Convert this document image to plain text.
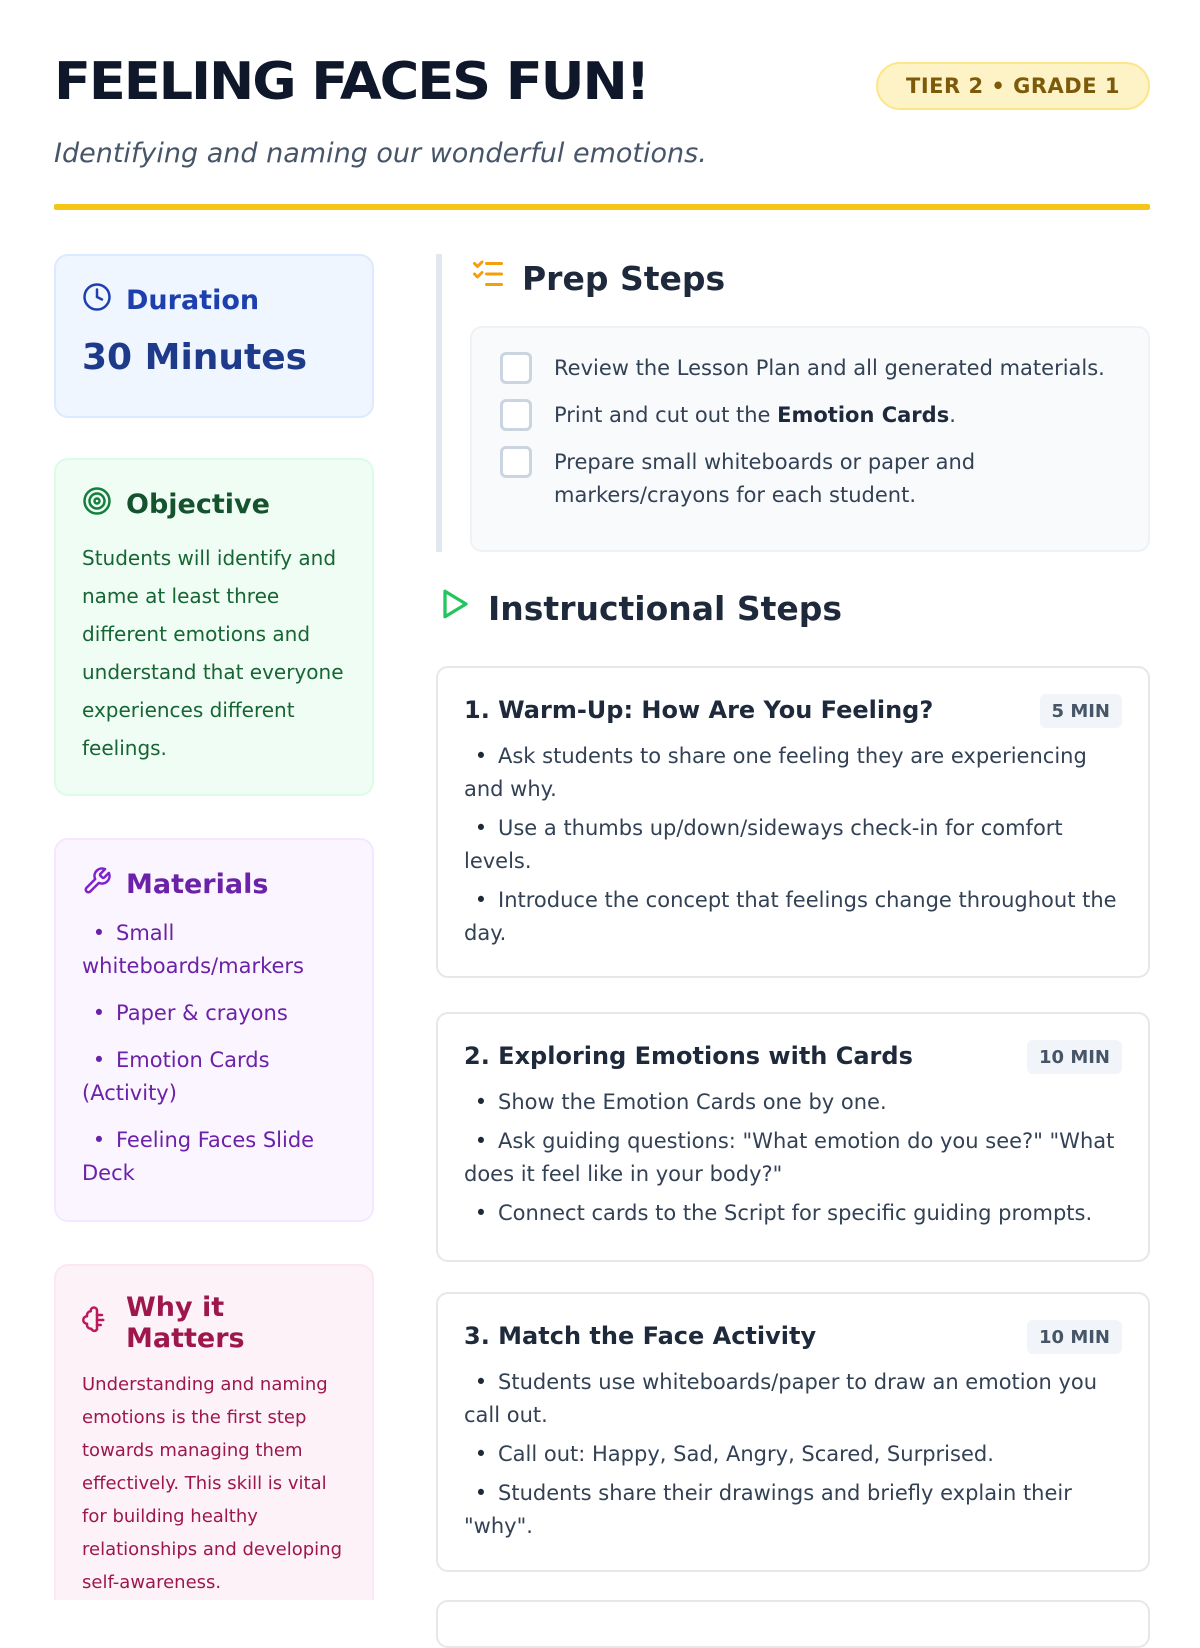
FEELING FACES FUN!	TIER 2 • GRADE 1

Identifying and naming our wonderful emotions.

Duration
30 Minutes
Objective

Students will identify and name at least three different emotions and understand that everyone experiences different feelings.

Materials
• Small whiteboards/markers
• Paper & crayons
• Emotion Cards (Activity)
• Feeling Faces Slide Deck
Why it Matters

Understanding and naming emotions is the first step towards managing them effectively. This skill is vital for building healthy relationships and developing self-awareness.

Prep Steps
Review the Lesson Plan and all generated materials.
Print and cut out the Emotion Cards.
Prepare small whiteboards or paper and markers/crayons for each student.
Instructional Steps
1. Warm-Up: How Are You Feeling?	5 MIN
• Ask students to share one feeling they are experiencing and why.
• Use a thumbs up/down/sideways check-in for comfort levels.
• Introduce the concept that feelings change throughout the day.
2. Exploring Emotions with Cards	10 MIN
• Show the Emotion Cards one by one.
• Ask guiding questions: "What emotion do you see?" "What does it feel like in your body?"
• Connect cards to the Script for specific guiding prompts.
3. Match the Face Activity	10 MIN
• Students use whiteboards/paper to draw an emotion you call out.
• Call out: Happy, Sad, Angry, Scared, Surprised.
• Students share their drawings and briefly explain their "why".
